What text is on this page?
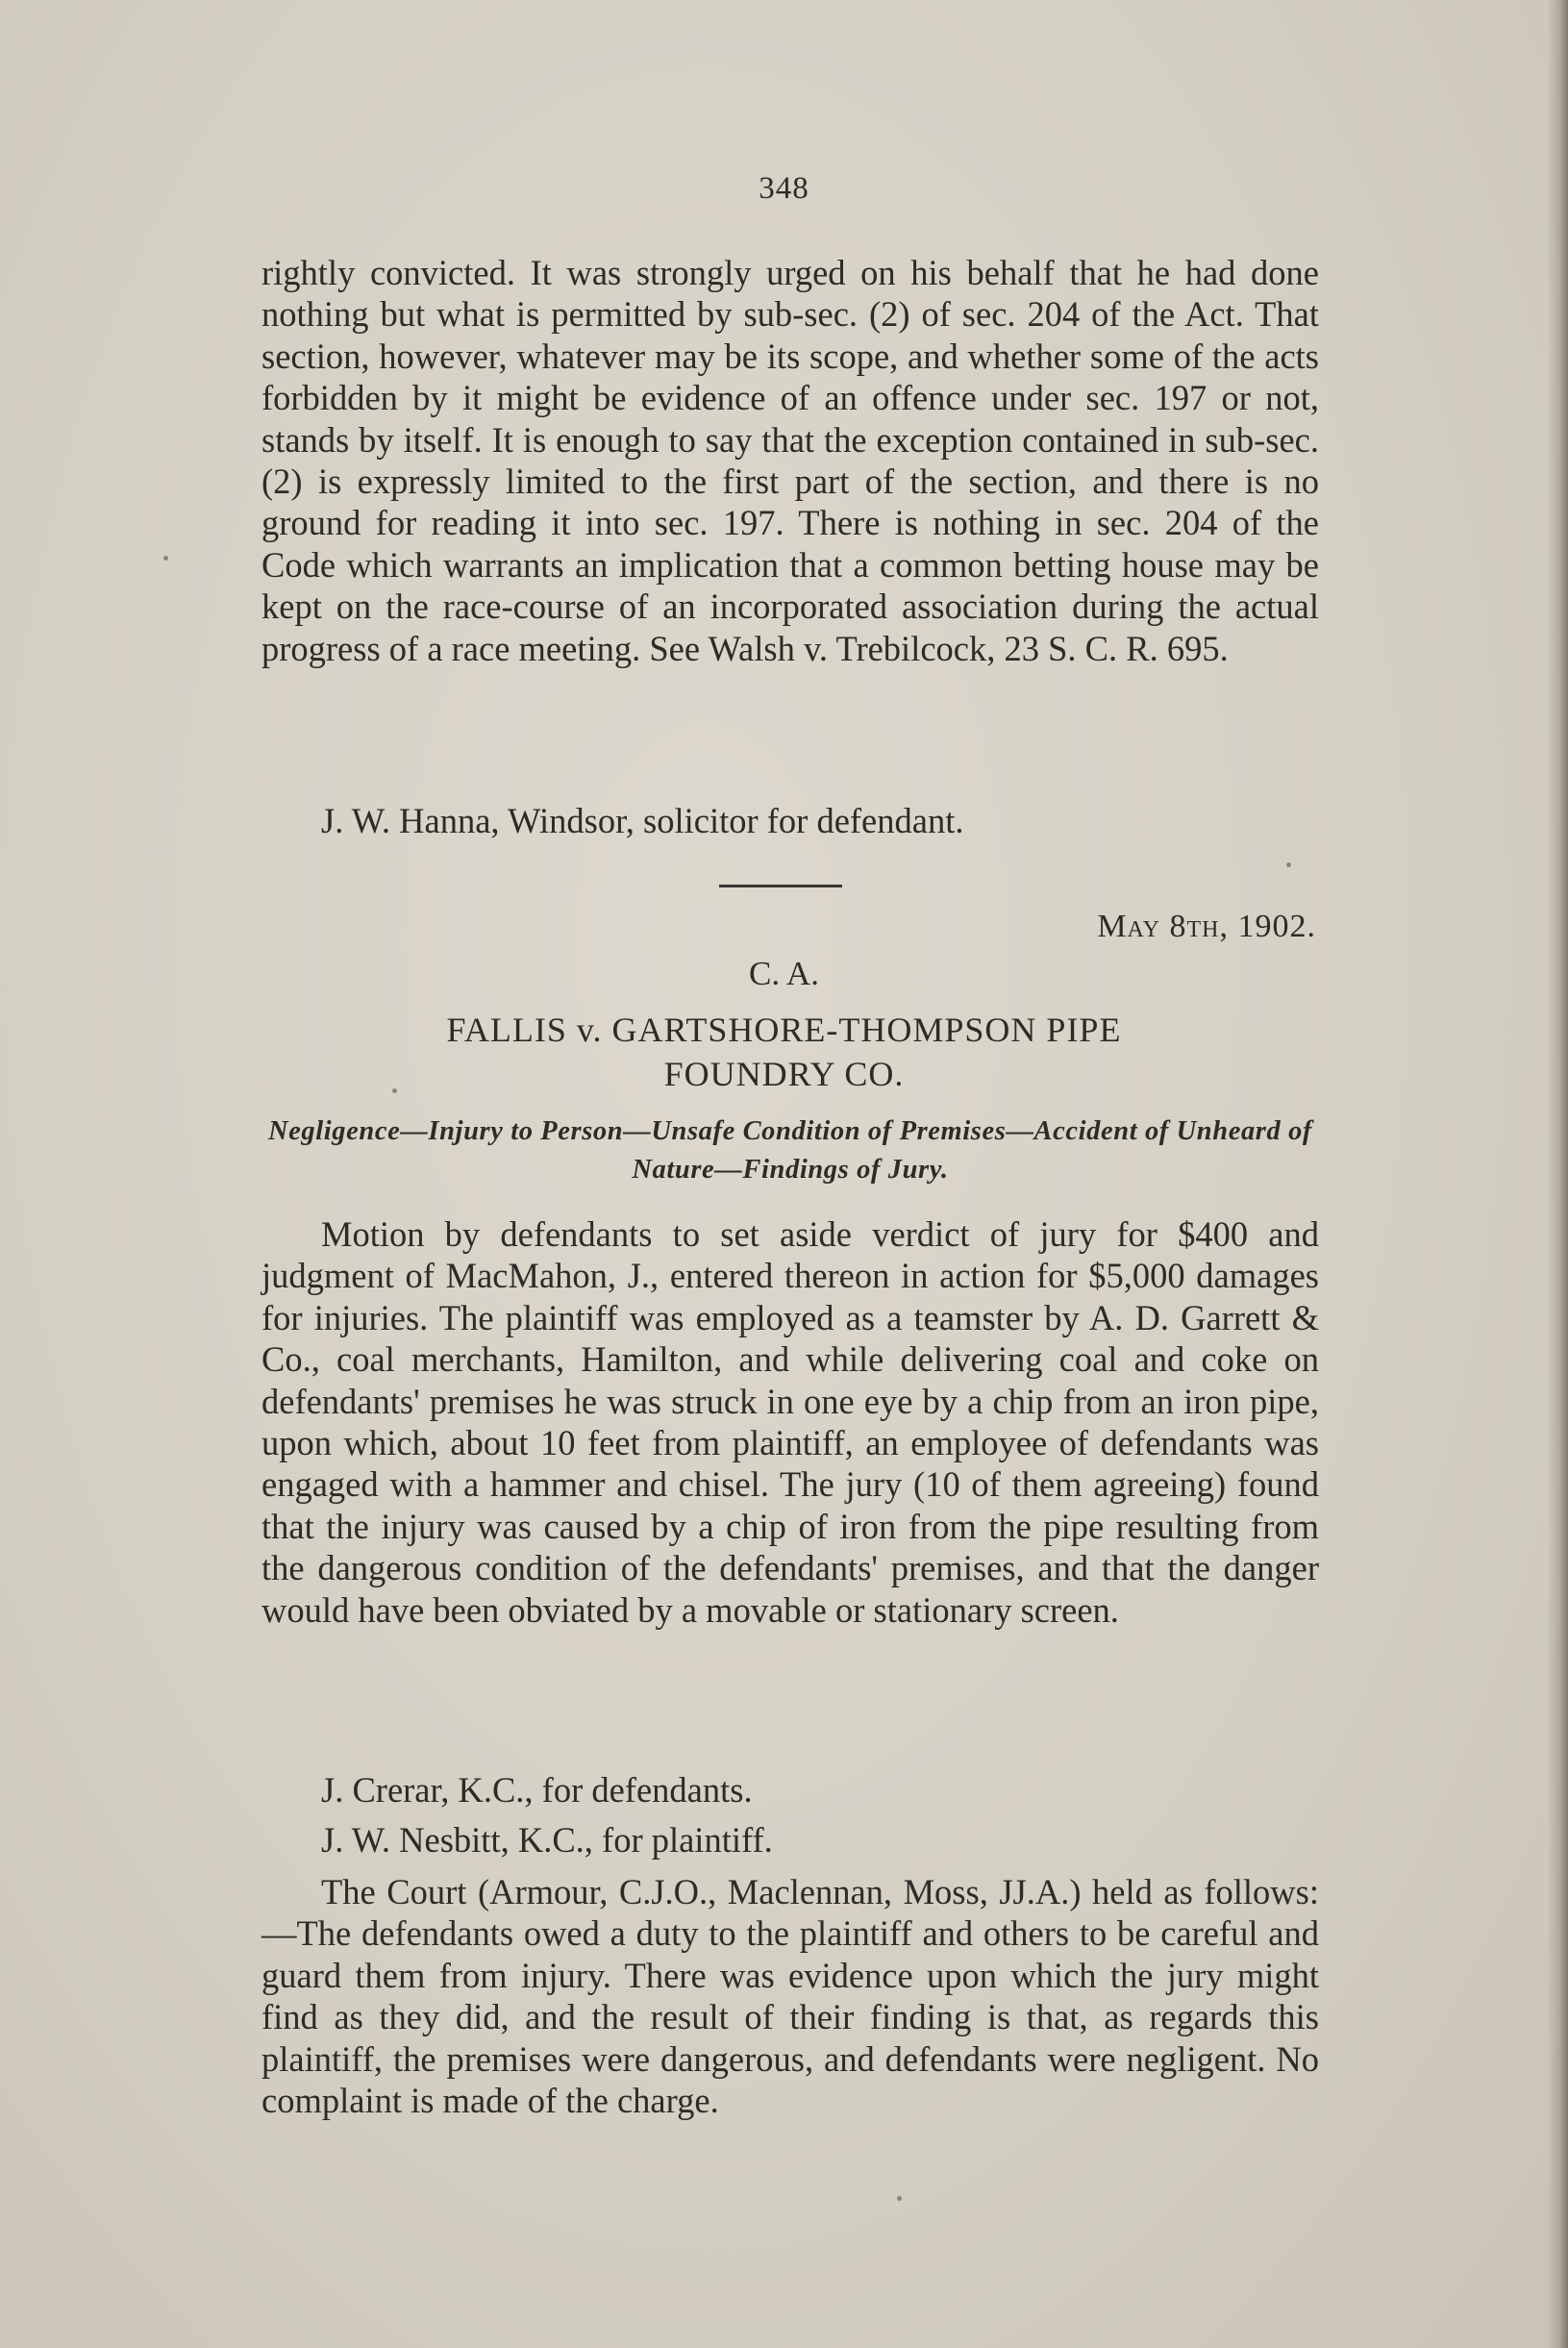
348

rightly convicted. It was strongly urged on his behalf that he had done nothing but what is permitted by sub-sec. (2) of sec. 204 of the Act. That section, however, whatever may be its scope, and whether some of the acts forbidden by it might be evidence of an offence under sec. 197 or not, stands by itself. It is enough to say that the exception contained in sub-sec. (2) is expressly limited to the first part of the section, and there is no ground for reading it into sec. 197. There is nothing in sec. 204 of the Code which warrants an implication that a common betting house may be kept on the race-course of an incorporated association during the actual progress of a race meeting. See Walsh v. Trebilcock, 23 S. C. R. 695.

J. W. Hanna, Windsor, solicitor for defendant.
May 8th, 1902.
C. A.
FALLIS v. GARTSHORE-THOMPSON PIPE
FOUNDRY CO.
Negligence—Injury to Person—Unsafe Condition of Premises—Accident of Unheard of Nature—Findings of Jury.

Motion by defendants to set aside verdict of jury for $400 and judgment of MacMahon, J., entered thereon in action for $5,000 damages for injuries. The plaintiff was employed as a teamster by A. D. Garrett & Co., coal merchants, Hamilton, and while delivering coal and coke on defendants' premises he was struck in one eye by a chip from an iron pipe, upon which, about 10 feet from plaintiff, an employee of defendants was engaged with a hammer and chisel. The jury (10 of them agreeing) found that the injury was caused by a chip of iron from the pipe resulting from the dangerous condition of the defendants' premises, and that the danger would have been obviated by a movable or stationary screen.

J. Crerar, K.C., for defendants.
J. W. Nesbitt, K.C., for plaintiff.

The Court (Armour, C.J.O., Maclennan, Moss, JJ.A.) held as follows:—The defendants owed a duty to the plaintiff and others to be careful and guard them from injury. There was evidence upon which the jury might find as they did, and the result of their finding is that, as regards this plaintiff, the premises were dangerous, and defendants were negligent. No complaint is made of the charge.
